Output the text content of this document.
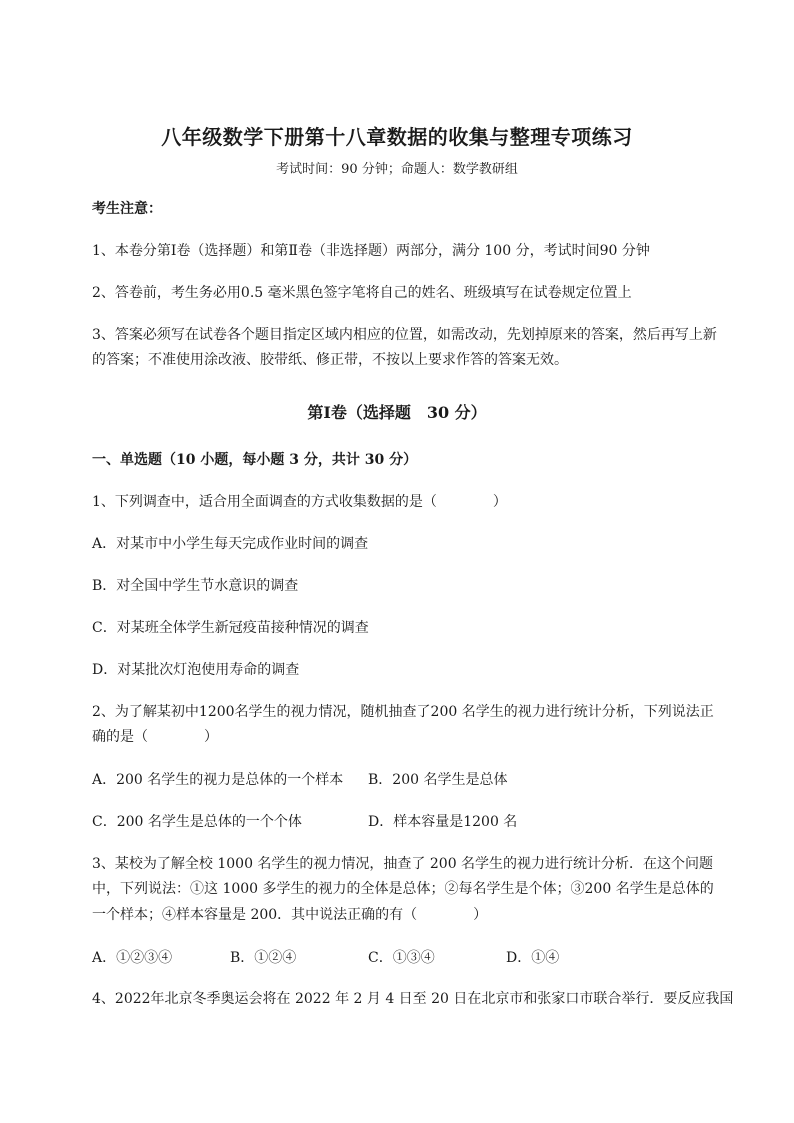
八年级数学下册第十八章数据的收集与整理专项练习
考试时间：90 分钟；命题人：数学教研组
考生注意：
1、本卷分第Ⅰ卷（选择题）和第Ⅱ卷（非选择题）两部分，满分 100 分，考试时间90 分钟
2、答卷前，考生务必用0.5 毫米黑色签字笔将自己的姓名、班级填写在试卷规定位置上
3、答案必须写在试卷各个题目指定区域内相应的位置，如需改动，先划掉原来的答案，然后再写上新
的答案；不准使用涂改液、胶带纸、修正带，不按以上要求作答的答案无效。
第Ⅰ卷（选择题　30 分）
一、单选题（10 小题，每小题 3 分，共计 30 分）
1、下列调查中，适合用全面调查的方式收集数据的是（　　　　）
A．对某市中小学生每天完成作业时间的调查
B．对全国中学生节水意识的调查
C．对某班全体学生新冠疫苗接种情况的调查
D．对某批次灯泡使用寿命的调查
2、为了解某初中1200名学生的视力情况，随机抽查了200 名学生的视力进行统计分析，下列说法正
确的是（　　　　）
A．200 名学生的视力是总体的一个样本 B．200 名学生是总体
C．200 名学生是总体的一个个体	D．样本容量是1200 名
3、某校为了解全校 1000 名学生的视力情况，抽查了 200 名学生的视力进行统计分析．在这个问题
中，下列说法：①这 1000 多学生的视力的全体是总体；②每名学生是个体；③200 名学生是总体的
一个样本；④样本容量是 200．其中说法正确的有（　　　　）
A．①②③④	B．①②④	C．①③④	D．①④
4、2022年北京冬季奥运会将在 2022 年 2 月 4 日至 20 日在北京市和张家口市联合举行．要反应我国
